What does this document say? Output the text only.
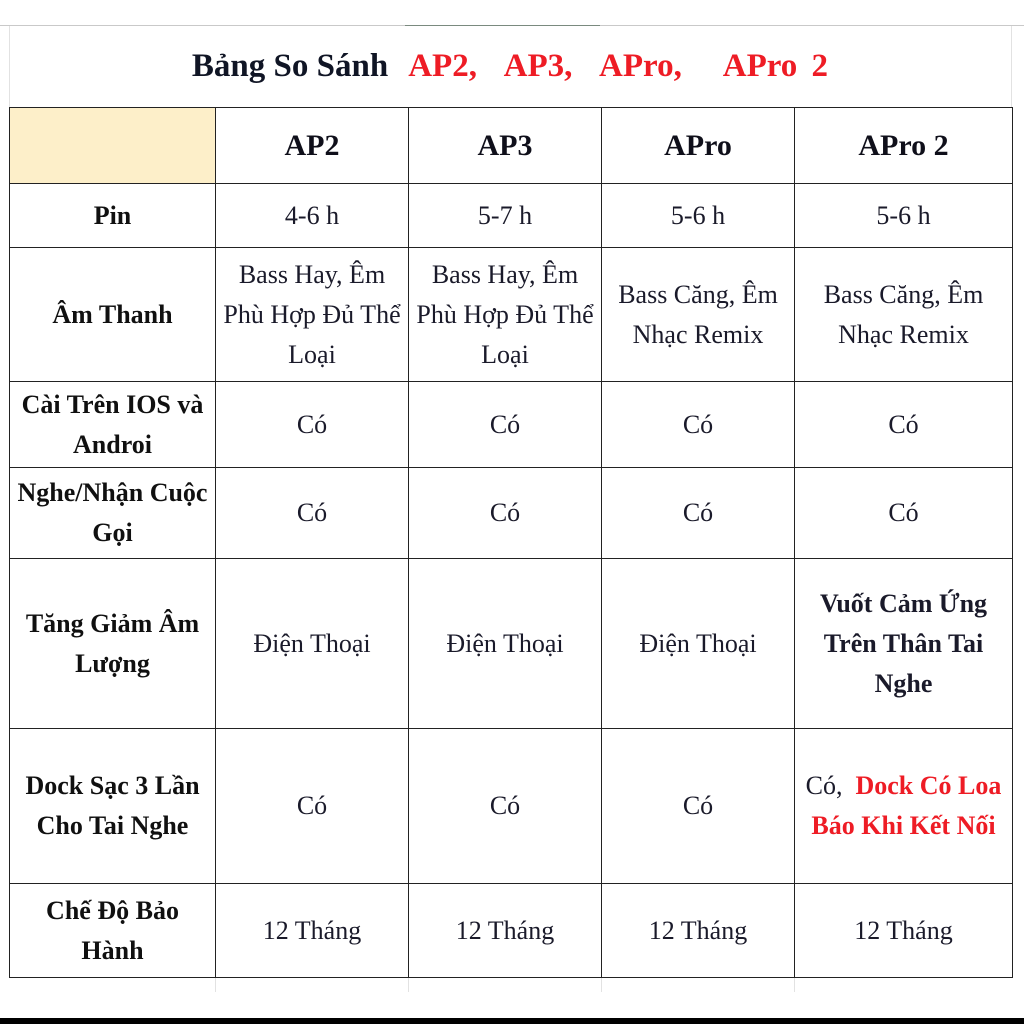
Bảng So Sánh AP2,  AP3,  APro,   APro 2
	AP2	AP3	APro	APro 2
Pin	4-6 h	5-7 h	5-6 h	5-6 h
Âm Thanh	Bass Hay, Êm Phù Hợp Đủ Thể Loại	Bass Hay, Êm Phù Hợp Đủ Thể Loại	Bass Căng, Êm Nhạc Remix	Bass Căng, Êm Nhạc Remix
Cài Trên IOS và Androi	Có	Có	Có	Có
Nghe/Nhận Cuộc Gọi	Có	Có	Có	Có
Tăng Giảm Âm Lượng	Điện Thoại	Điện Thoại	Điện Thoại	Vuốt Cảm Ứng Trên Thân Tai Nghe
Dock Sạc 3 Lần Cho Tai Nghe	Có	Có	Có	Có, Dock Có Loa Báo Khi Kết Nối
Chế Độ Bảo Hành	12 Tháng	12 Tháng	12 Tháng	12 Tháng
